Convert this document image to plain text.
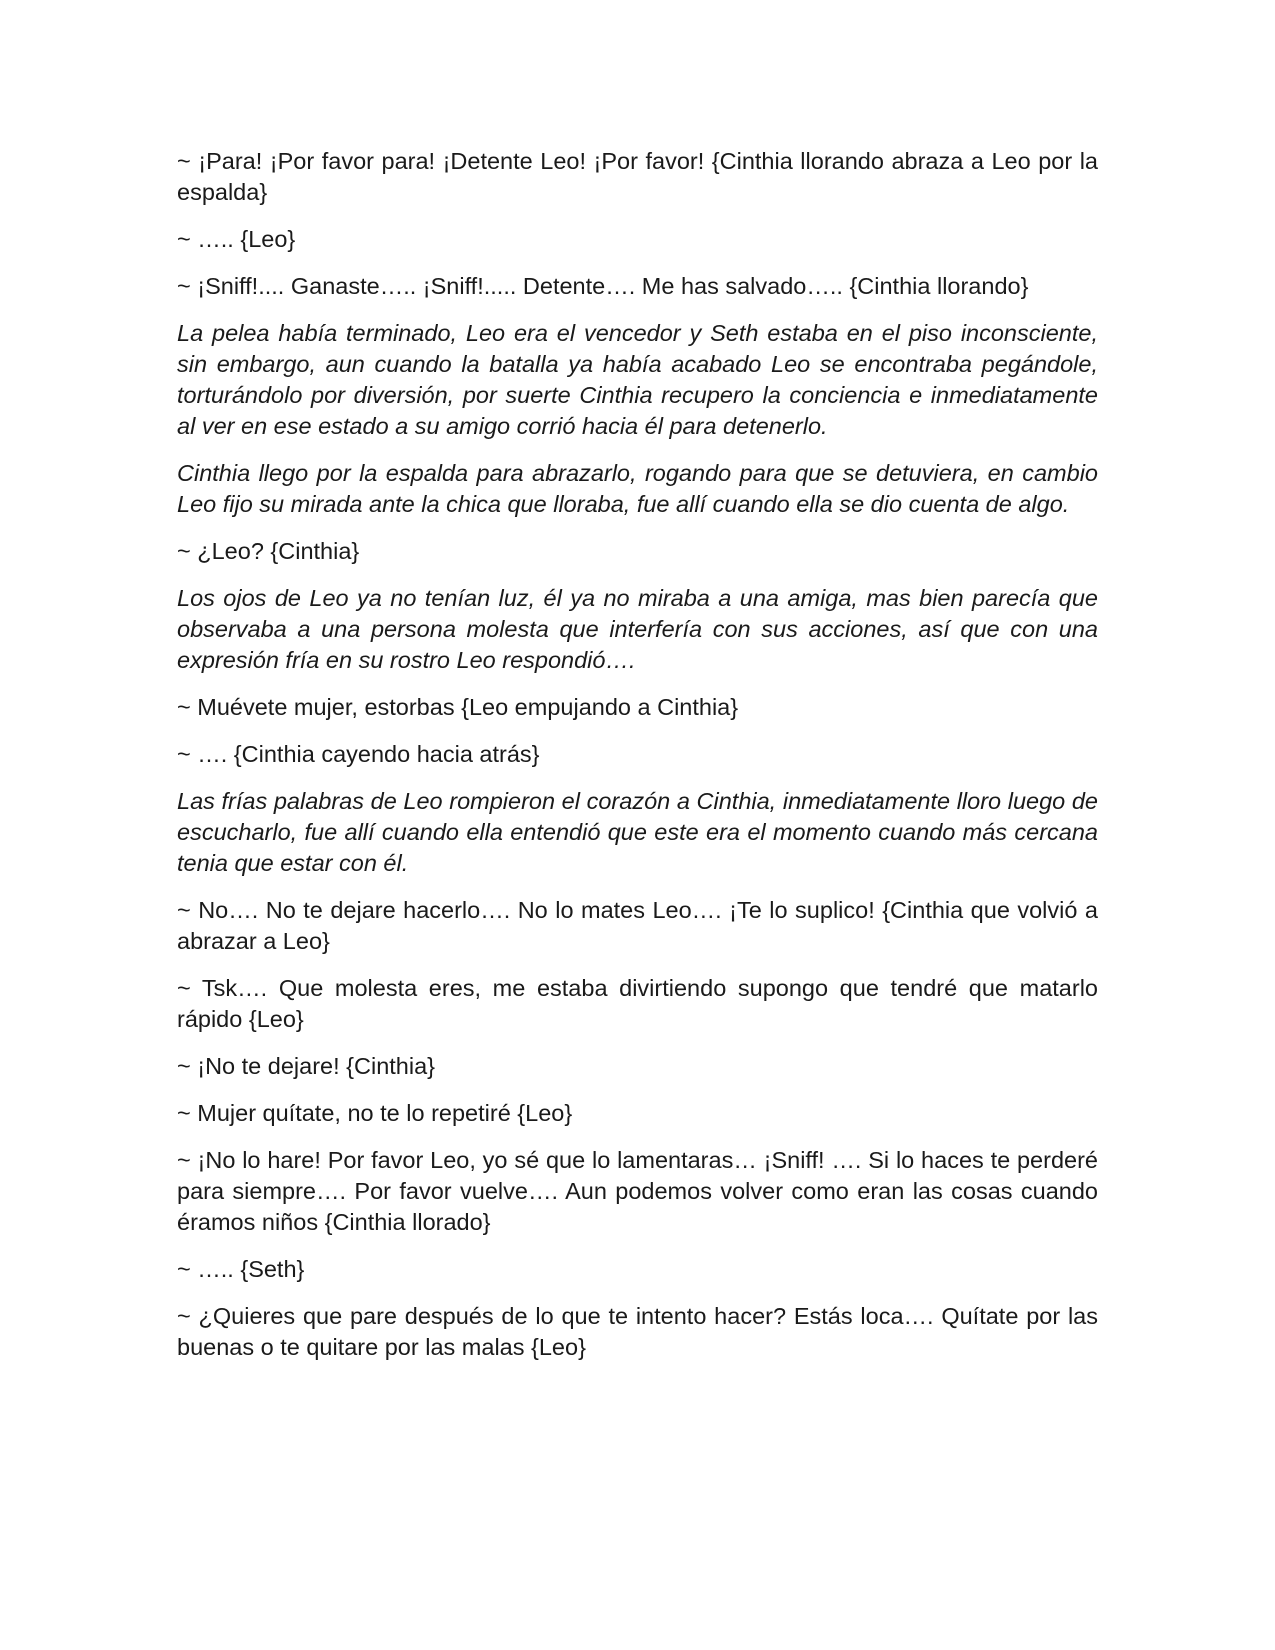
~ ¡Para! ¡Por favor para! ¡Detente Leo! ¡Por favor! {Cinthia llorando abraza a Leo por la espalda}

~ ….. {Leo}

~ ¡Sniff!.... Ganaste….. ¡Sniff!..... Detente…. Me has salvado….. {Cinthia llorando}

La pelea había terminado, Leo era el vencedor y Seth estaba en el piso inconsciente, sin embargo, aun cuando la batalla ya había acabado Leo se encontraba pegándole, torturándolo por diversión, por suerte Cinthia recupero la conciencia e inmediatamente al ver en ese estado a su amigo corrió hacia él para detenerlo.

Cinthia llego por la espalda para abrazarlo, rogando para que se detuviera, en cambio Leo fijo su mirada ante la chica que lloraba, fue allí cuando ella se dio cuenta de algo.

~ ¿Leo? {Cinthia}

Los ojos de Leo ya no tenían luz, él ya no miraba a una amiga, mas bien parecía que observaba a una persona molesta que interfería con sus acciones, así que con una expresión fría en su rostro Leo respondió….

~ Muévete mujer, estorbas {Leo empujando a Cinthia}

~ …. {Cinthia cayendo hacia atrás}

Las frías palabras de Leo rompieron el corazón a Cinthia, inmediatamente lloro luego de escucharlo, fue allí cuando ella entendió que este era el momento cuando más cercana tenia que estar con él.

~ No…. No te dejare hacerlo…. No lo mates Leo…. ¡Te lo suplico! {Cinthia que volvió a abrazar a Leo}

~ Tsk…. Que molesta eres, me estaba divirtiendo supongo que tendré que matarlo rápido {Leo}

~ ¡No te dejare! {Cinthia}

~ Mujer quítate, no te lo repetiré {Leo}

~ ¡No lo hare! Por favor Leo, yo sé que lo lamentaras… ¡Sniff! …. Si lo haces te perderé para siempre…. Por favor vuelve…. Aun podemos volver como eran las cosas cuando éramos niños {Cinthia llorado}

~ ….. {Seth}

~ ¿Quieres que pare después de lo que te intento hacer? Estás loca…. Quítate por las buenas o te quitare por las malas {Leo}
